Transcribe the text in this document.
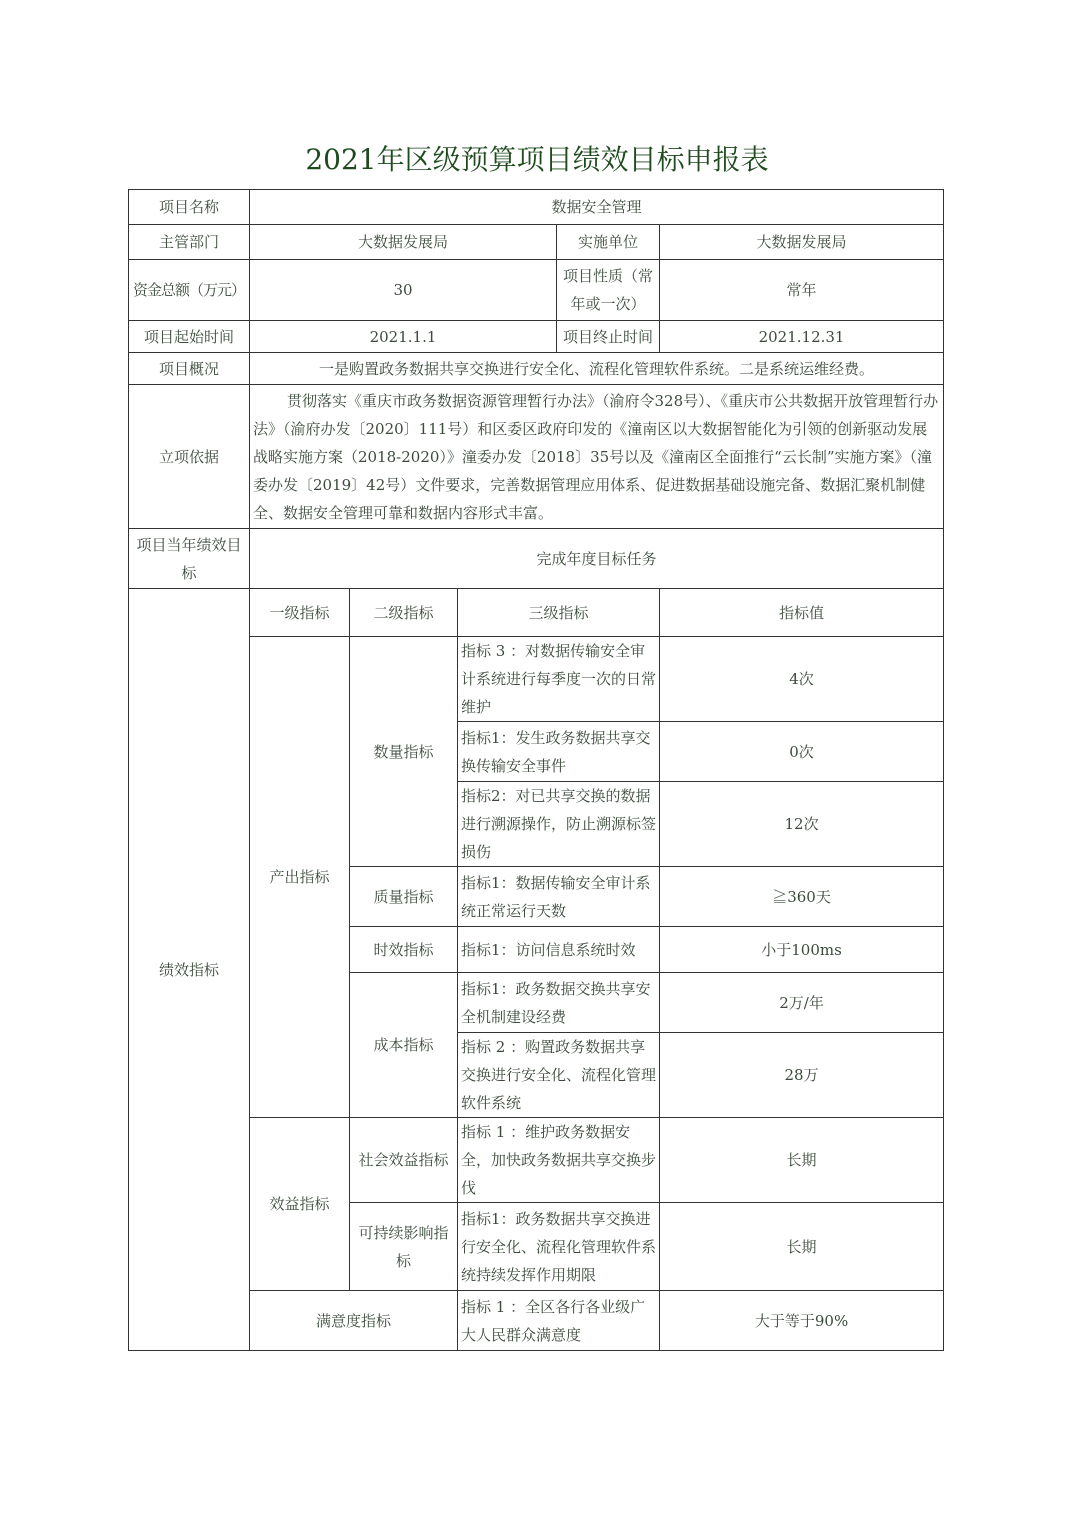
2021年区级预算项目绩效目标申报表
项目名称	数据安全管理				
主管部门	大数据发展局			实施单位	大数据发展局
资金总额（万元）	30			项目性质（常年或一次）	常年
项目起始时间	2021.1.1			项目终止时间	2021.12.31
项目概况	一是购置政务数据共享交换进行安全化、流程化管理软件系统。二是系统运维经费。				
立项依据	贯彻落实《重庆市政务数据资源管理暂行办法》（渝府令328号）、《重庆市公共数据开放管理暂行办法》（渝府办发〔2020〕111号）和区委区政府印发的《潼南区以大数据智能化为引领的创新驱动发展战略实施方案（2018-2020）》潼委办发〔2018〕35号以及《潼南区全面推行“云长制”实施方案》（潼委办发〔2019〕42号）文件要求，完善数据管理应用体系、促进数据基础设施完备、数据汇聚机制健全、数据安全管理可靠和数据内容形式丰富。				
项目当年绩效目标	完成年度目标任务				
绩效指标	一级指标	二级指标	三级指标		指标值
	产出指标	数量指标	指标 3 ：对数据传输安全审计系统进行每季度一次的日常维护		4次
			指标1：发生政务数据共享交换传输安全事件		0次
			指标2：对已共享交换的数据进行溯源操作，防止溯源标签损伤		12次
		质量指标	指标1：数据传输安全审计系统正常运行天数		≧360天
		时效指标	指标1：访问信息系统时效		小于100ms
		成本指标	指标1：政务数据交换共享安全机制建设经费		2万/年
			指标 2 ：购置政务数据共享交换进行安全化、流程化管理软件系统		28万
	效益指标	社会效益指标	指标 1 ：维护政务数据安全，加快政务数据共享交换步伐		长期
		可持续影响指标	指标1：政务数据共享交换进行安全化、流程化管理软件系统持续发挥作用期限		长期
	满意度指标		指标 1 ：全区各行各业级广大人民群众满意度		大于等于90%
